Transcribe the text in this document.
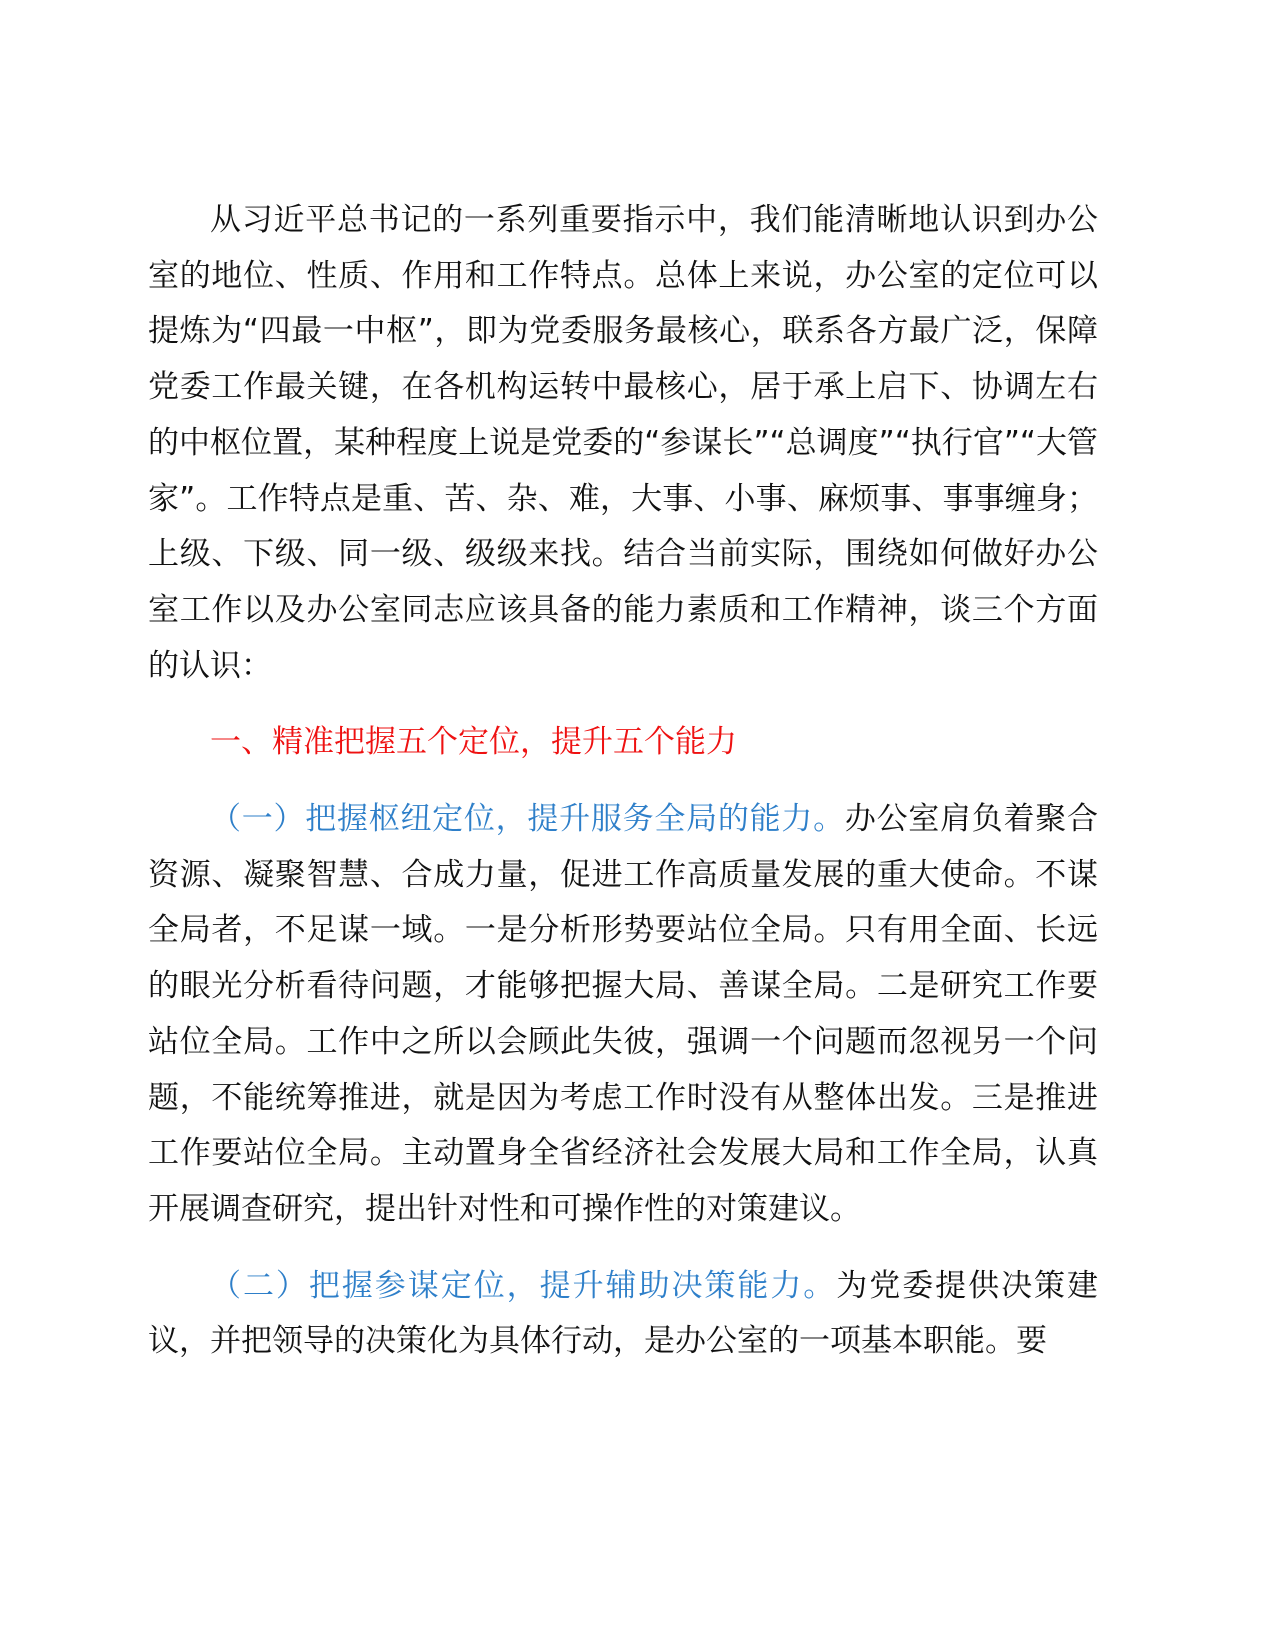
从习近平总书记的一系列重要指示中，我们能清晰地认识到办公室的地位、性质、作用和工作特点。总体上来说，办公室的定位可以提炼为“四最一中枢”，即为党委服务最核心，联系各方最广泛，保障党委工作最关键，在各机构运转中最核心，居于承上启下、协调左右的中枢位置，某种程度上说是党委的“参谋长”“总调度”“执行官”“大管家”。工作特点是重、苦、杂、难，大事、小事、麻烦事、事事缠身；上级、下级、同一级、级级来找。结合当前实际，围绕如何做好办公室工作以及办公室同志应该具备的能力素质和工作精神，谈三个方面的认识：

一、精准把握五个定位，提升五个能力

（一）把握枢纽定位，提升服务全局的能力。办公室肩负着聚合资源、凝聚智慧、合成力量，促进工作高质量发展的重大使命。不谋全局者，不足谋一域。一是分析形势要站位全局。只有用全面、长远的眼光分析看待问题，才能够把握大局、善谋全局。二是研究工作要站位全局。工作中之所以会顾此失彼，强调一个问题而忽视另一个问题，不能统筹推进，就是因为考虑工作时没有从整体出发。三是推进工作要站位全局。主动置身全省经济社会发展大局和工作全局，认真开展调查研究，提出针对性和可操作性的对策建议。

（二）把握参谋定位，提升辅助决策能力。为党委提供决策建议，并把领导的决策化为具体行动，是办公室的一项基本职能。要
